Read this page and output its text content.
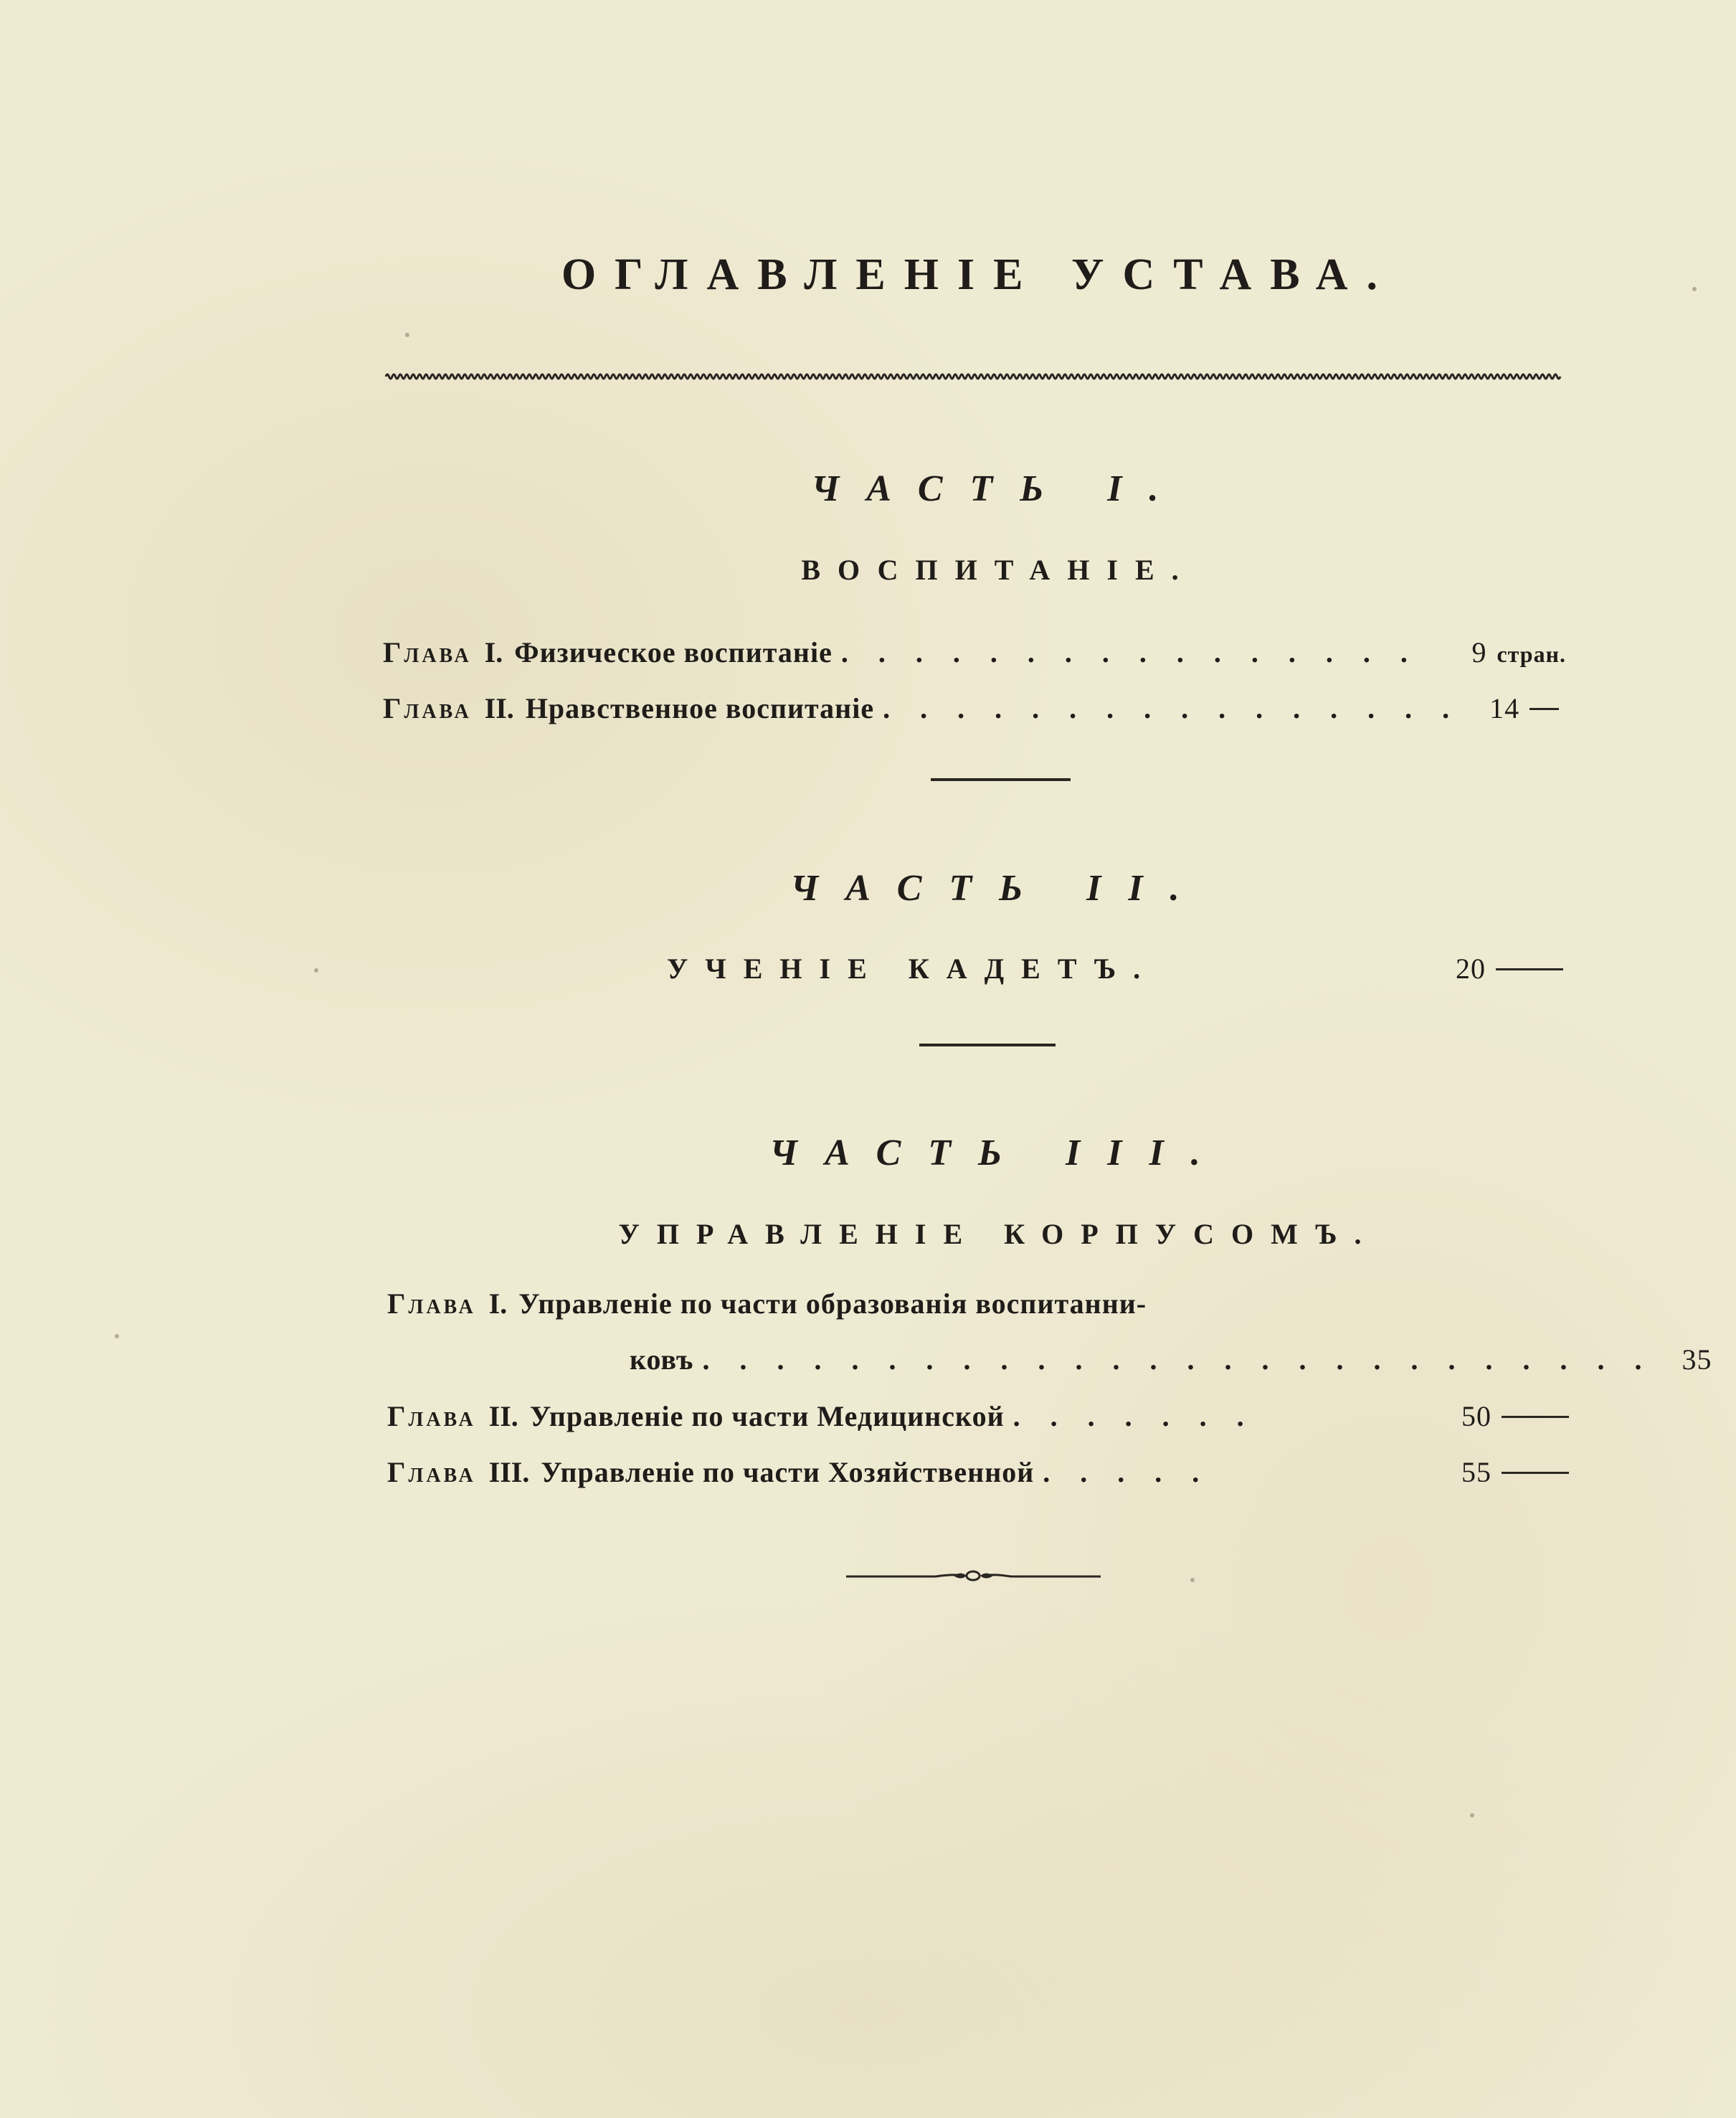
ОГЛАВЛЕНІЕ УСТАВА.
ЧАСТЬ I.
ВОСПИТАНІЕ.
Глава I. Физическое воспитаніе . . . . . . . . . . . . . . . .	9 стран.
Глава II. Нравственное воспитаніе . . . . . . . . . . . . . . . .	14
ЧАСТЬ II.
УЧЕНІЕ КАДЕТЪ.	20
ЧАСТЬ III.
УПРАВЛЕНІЕ КОРПУСОМЪ.
Глава I. Управленіе по части образованія воспитанни-
ковъ . . . . . . . . . . . . . . . . . . . . . . . . . .	35
Глава II. Управленіе по части Медицинской . . . . . . .	50
Глава III. Управленіе по части Хозяйственной . . . . .	55
